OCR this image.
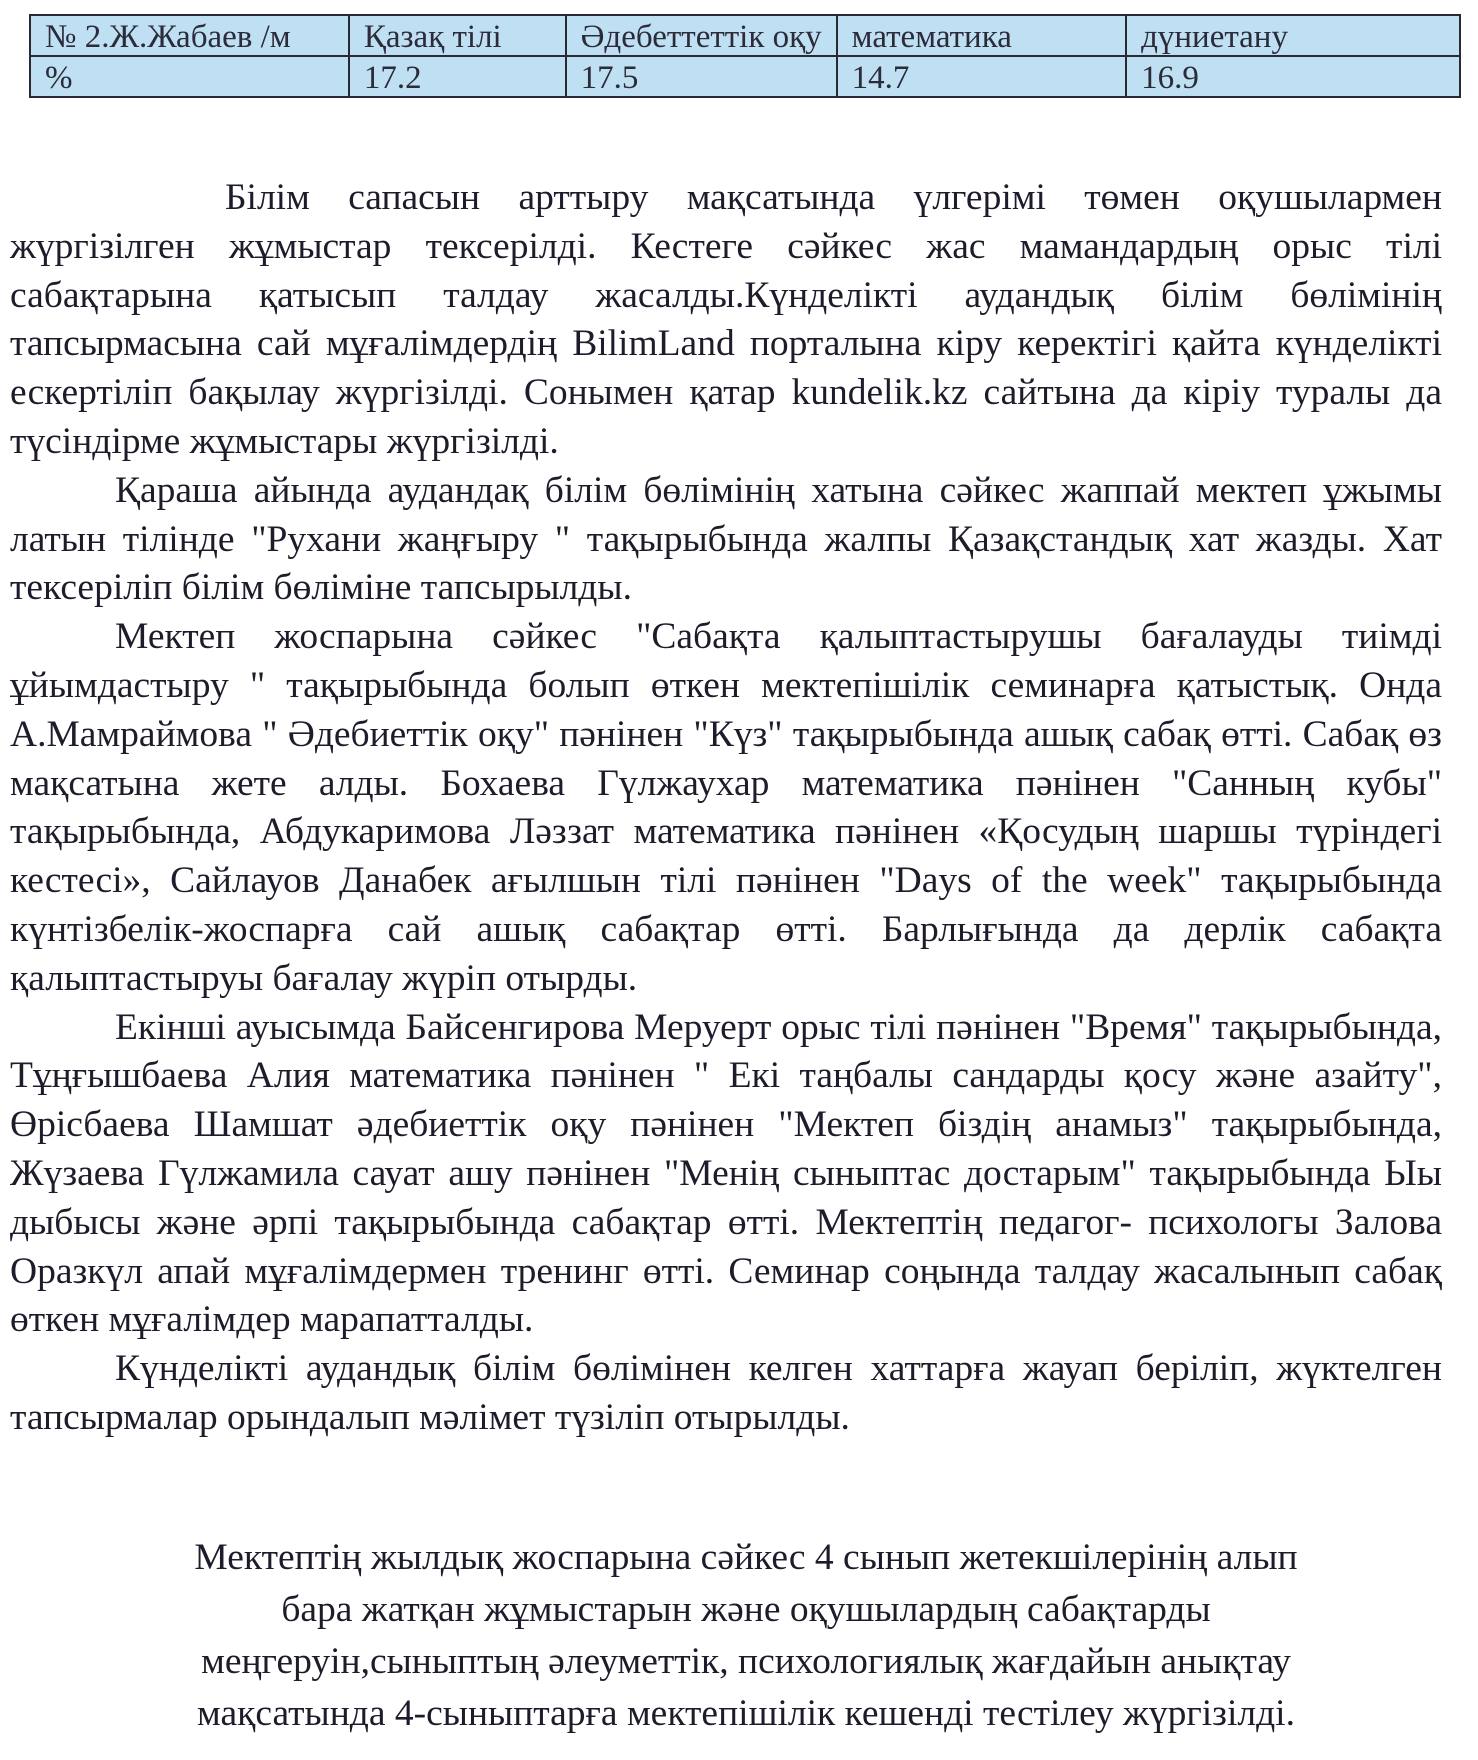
№ 2.Ж.Жабаев /м	Қазақ тілі	Әдебеттеттік оқу	математика	дүниетану
%	17.2	17.5	14.7	16.9

Білім сапасын арттыру мақсатында үлгерімі төмен оқушылармен жүргізілген жұмыстар тексерілді. Кестеге сәйкес жас мамандардың орыс тілі сабақтарына қатысып талдау жасалды.Күнделікті аудандық білім бөлімінің тапсырмасына сай мұғалімдердің BilimLand порталына кіру керектігі қайта күнделікті ескертіліп бақылау жүргізілді. Сонымен қатар kundelik.kz сайтына да кіріу туралы да түсіндірме жұмыстары жүргізілді.

Қараша айында аудандақ білім бөлімінің хатына сәйкес жаппай мектеп ұжымы латын тілінде "Рухани жаңғыру " тақырыбында жалпы Қазақстандық хат жазды. Хат тексеріліп білім бөліміне тапсырылды.

Мектеп жоспарына сәйкес "Сабақта қалыптастырушы бағалауды тиімді ұйымдастыру " тақырыбында болып өткен мектепішілік семинарға қатыстық. Онда А.Мамраймова " Әдебиеттік оқу" пәнінен "Күз" тақырыбында ашық сабақ өтті. Сабақ өз мақсатына жете алды. Бохаева Гүлжаухар математика пәнінен "Санның кубы" тақырыбында, Абдукаримова Ләззат математика пәнінен «Қосудың шаршы түріндегі кестесі», Сайлауов Данабек ағылшын тілі пәнінен "Days of the week" тақырыбында күнтізбелік-жоспарға сай ашық сабақтар өтті. Барлығында да дерлік сабақта қалыптастыруы бағалау жүріп отырды.

Екінші ауысымда Байсенгирова Меруерт орыс тілі пәнінен "Время" тақырыбында, Тұңғышбаева Алия математика пәнінен " Екі таңбалы сандарды қосу және азайту", Өрісбаева Шамшат әдебиеттік оқу пәнінен "Мектеп біздің анамыз" тақырыбында, Жүзаева Гүлжамила сауат ашу пәнінен "Менің сыныптас достарым" тақырыбында Ыы дыбысы және әрпі тақырыбында сабақтар өтті. Мектептің педагог- психологы Залова Оразкүл апай мұғалімдермен тренинг өтті. Семинар соңында талдау жасалынып сабақ өткен мұғалімдер марапатталды.

Күнделікті аудандық білім бөлімінен келген хаттарға жауап беріліп, жүктелген тапсырмалар орындалып мәлімет түзіліп отырылды.

Мектептің жылдық жоспарына сәйкес 4 сынып жетекшілерінің алып

бара жатқан жұмыстарын және оқушылардың сабақтарды

меңгеруін,сыныптың әлеуметтік, психологиялық жағдайын анықтау

мақсатында 4-сыныптарға мектепішілік кешенді тестілеу жүргізілді.
